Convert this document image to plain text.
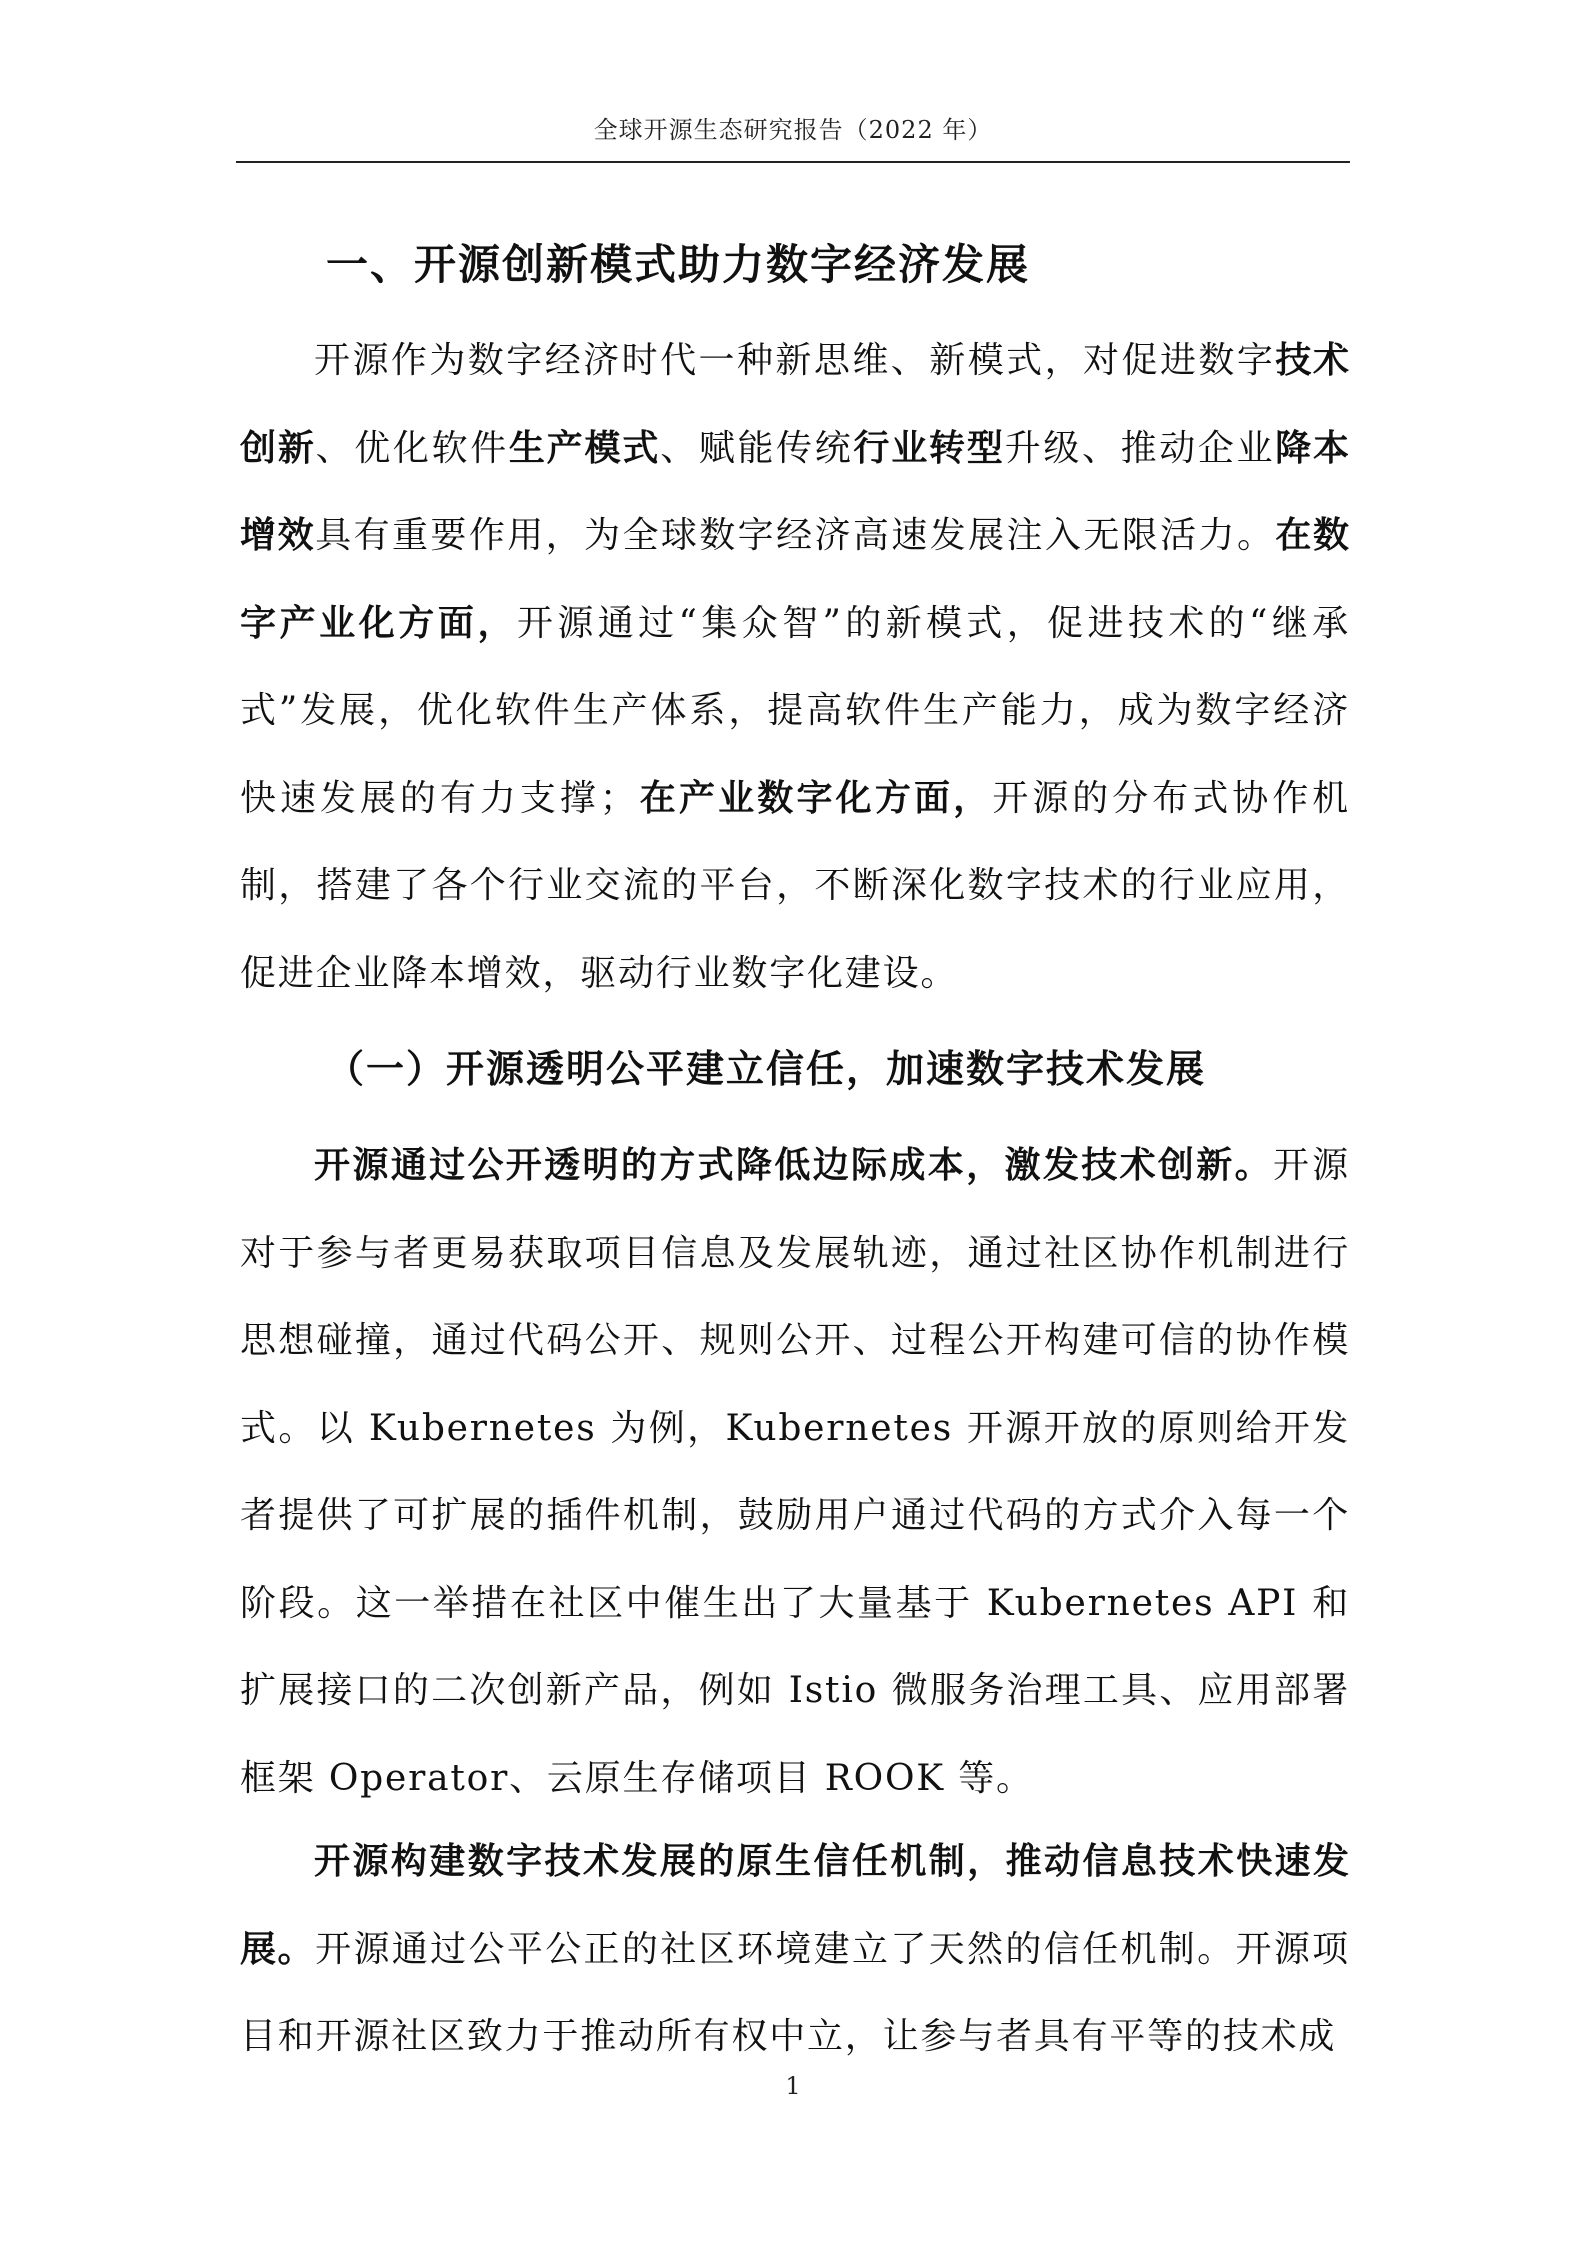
全球开源生态研究报告（2022 年）
一、开源创新模式助力数字经济发展
开源作为数字经济时代一种新思维、新模式，对促进数字技术创新、优化软件生产模式、赋能传统行业转型升级、推动企业降本增效具有重要作用，为全球数字经济高速发展注入无限活力。在数字产业化方面，开源通过“集众智”的新模式，促进技术的“继承式”发展，优化软件生产体系，提高软件生产能力，成为数字经济快速发展的有力支撑；在产业数字化方面，开源的分布式协作机制，搭建了各个行业交流的平台，不断深化数字技术的行业应用，促进企业降本增效，驱动行业数字化建设。
（一）开源透明公平建立信任，加速数字技术发展
开源通过公开透明的方式降低边际成本，激发技术创新。开源对于参与者更易获取项目信息及发展轨迹，通过社区协作机制进行思想碰撞，通过代码公开、规则公开、过程公开构建可信的协作模式。以 Kubernetes 为例，Kubernetes 开源开放的原则给开发者提供了可扩展的插件机制，鼓励用户通过代码的方式介入每一个阶段。这一举措在社区中催生出了大量基于 Kubernetes API 和扩展接口的二次创新产品，例如 Istio 微服务治理工具、应用部署框架 Operator、云原生存储项目 ROOK 等。
开源构建数字技术发展的原生信任机制，推动信息技术快速发展。开源通过公平公正的社区环境建立了天然的信任机制。开源项目和开源社区致力于推动所有权中立，让参与者具有平等的技术成
1
